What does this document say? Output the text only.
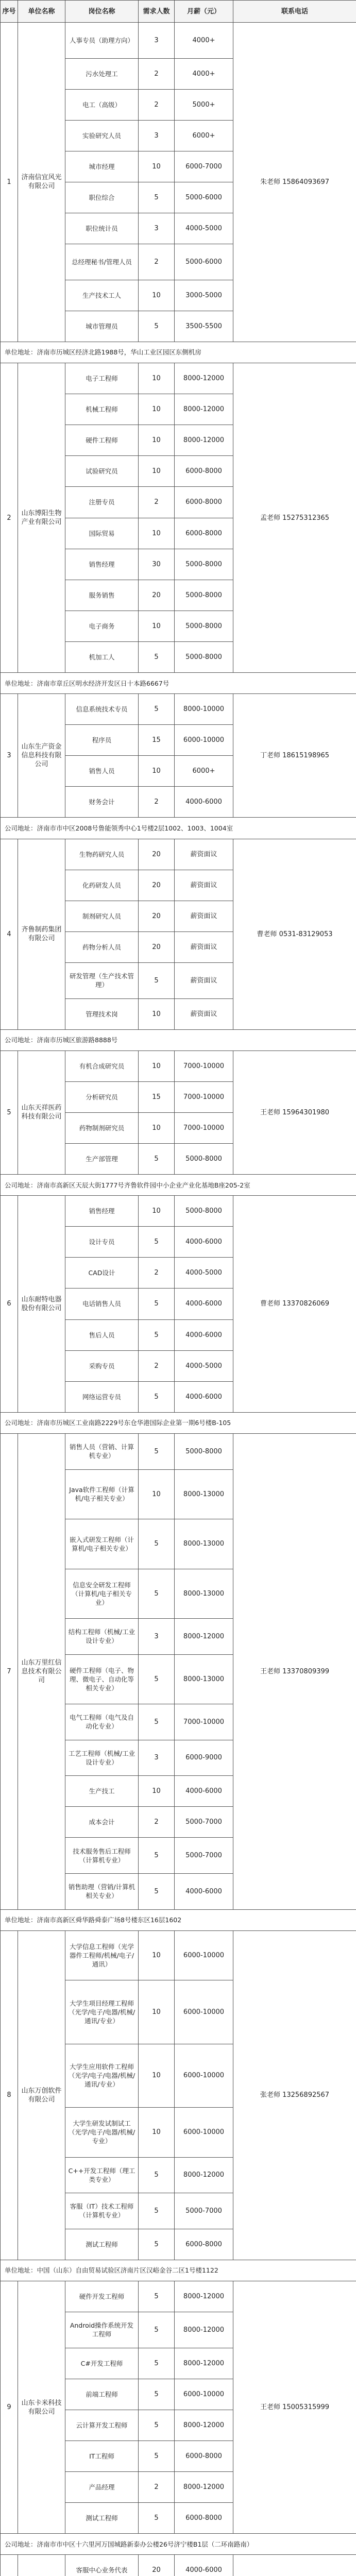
序号	单位名称	岗位名称	需求人数	月薪（元）	联系电话
1	济南信宜风光有限公司	人事专员（助理方向）	3	4000+	朱老师 15864093697
		污水处理工	2	4000+	
		电工（高级）	2	5000+	
		实验研究人员	3	6000+	
		城市经理	10	6000-7000	
		职位综合	5	5000-6000	
		职位统计员	3	4000-5000	
		总经理秘书/管理人员	2	5000-6000	
		生产技术工人	10	3000-5000	
		城市管理员	5	3500-5500	
单位地址：济南市历城区经济北路1988号，华山工业区园区东侧机房					
2	山东博阳生物产业有限公司	电子工程师	10	8000-12000	孟老师 15275312365
		机械工程师	10	8000-12000	
		硬件工程师	10	8000-12000	
		试验研究员	10	6000-8000	
		注册专员	2	6000-8000	
		国际贸易	10	6000-8000	
		销售经理	30	5000-8000	
		服务销售	20	5000-8000	
		电子商务	10	5000-8000	
		机加工人	5	5000-8000	
单位地址：济南市章丘区明水经济开发区日十本路6667号					
3	山东生产资金信息科技有限公司	信息系统技术专员	5	8000-10000	丁老师 18615198965
		程序员	15	6000-10000	
		销售人员	10	6000+	
		财务会计	2	4000-6000	
公司地址：济南市市中区2008号鲁能领秀中心1号楼2层1002、1003、1004室					
4	齐鲁制药集团有限公司	生物药研究人员	20	薪资面议	曹老师 0531-83129053
		化药研发人员	20	薪资面议	
		制剂研究人员	20	薪资面议	
		药物分析人员	20	薪资面议	
		研发管理（生产技术管理）	5	薪资面议	
		管理技术岗	10	薪资面议	
公司地址：济南市历城区旅游路8888号					
5	山东天祥医药科技有限公司	有机合成研究员	10	7000-10000	王老师 15964301980
		分析研究员	15	7000-10000	
		药物制剂研究员	10	7000-10000	
		生产部管理	5	5000-8000	
公司地址：济南市高新区天辰大街1777号齐鲁软件园中小企业产业化基地B座205-2室					
6	山东耐特电器股份有限公司	销售经理	10	5000-8000	曹老师 13370826069
		设计专员	5	4000-6000	
		CAD设计	2	4000-5000	
		电话销售人员	5	4000-6000	
		售后人员	5	4000-6000	
		采购专员	2	4000-5000	
		网络运营专员	5	4000-6000	
公司地址：济南市历城区工业南路2229号东仓华港国际企业第一期6号楼B-105					
7	山东万里红信息技术有限公司	销售人员（营销、计算机专业）	5	5000-8000	王老师 13370809399
		Java软件工程师（计算机/电子相关专业）	10	8000-13000	
		嵌入式研发工程师（计算机/电子相关专业）	5	8000-13000	
		信息安全研发工程师（计算机/电子相关专业）	5	8000-13000	
		结构工程师（机械/工业设计专业）	3	8000-12000	
		硬件工程师（电子、物理、微电子、自动化等相关专业）	5	8000-13000	
		电气工程师（电气及自动化专业）	5	7000-10000	
		工艺工程师（机械/工业设计专业）	3	6000-9000	
		生产技工	10	4000-6000	
		成本会计	2	5000-7000	
		技术服务售后工程师（计算机专业）	5	5000-7000	
		销售助理（营销/计算机相关专业）	5	4000-6000	
单位地址：济南市高新区舜华路舜泰广场8号楼东区16层1602					
8	山东万创软件有限公司	大学信息工程师（光学器件工程师/机械/电子/通讯）	10	6000-10000	张老师 13256892567
		大学生项目经理工程师（光学/电子/电器/机械/通讯/专业）	10	6000-10000	
		大学生应用软件工程师（光学/电子/电器/机械/通讯/专业）	10	6000-10000	
		大学生研发试制试工（光学/电子/电器/机械/专业）	10	6000-10000	
		C++开发工程师（理工类专业）	5	8000-12000	
		客服（IT）技术工程师（计算机专业）	5	5000-7000	
		测试工程师	5	6000-8000	
单位地址：中国（山东）自由贸易试验区济南片区汉峪金谷二区1号楼1122					
9	山东卡米科技有限公司	硬件开发工程师	5	8000-12000	王老师 15005315999
		Android操作系统开发工程师	5	8000-12000	
		C#开发工程师	5	8000-12000	
		前端工程师	5	6000-10000	
		云计算开发工程师	5	8000-12000	
		IT工程师	5	6000-8000	
		产品经理	2	8000-12000	
		测试工程师	5	6000-8000	
公司地址：济南市市中区十六里河万国城路新泰办公楼26号济宁楼B1层（二环南路南）					
		客服中心业务代表	20	4000-6000	
